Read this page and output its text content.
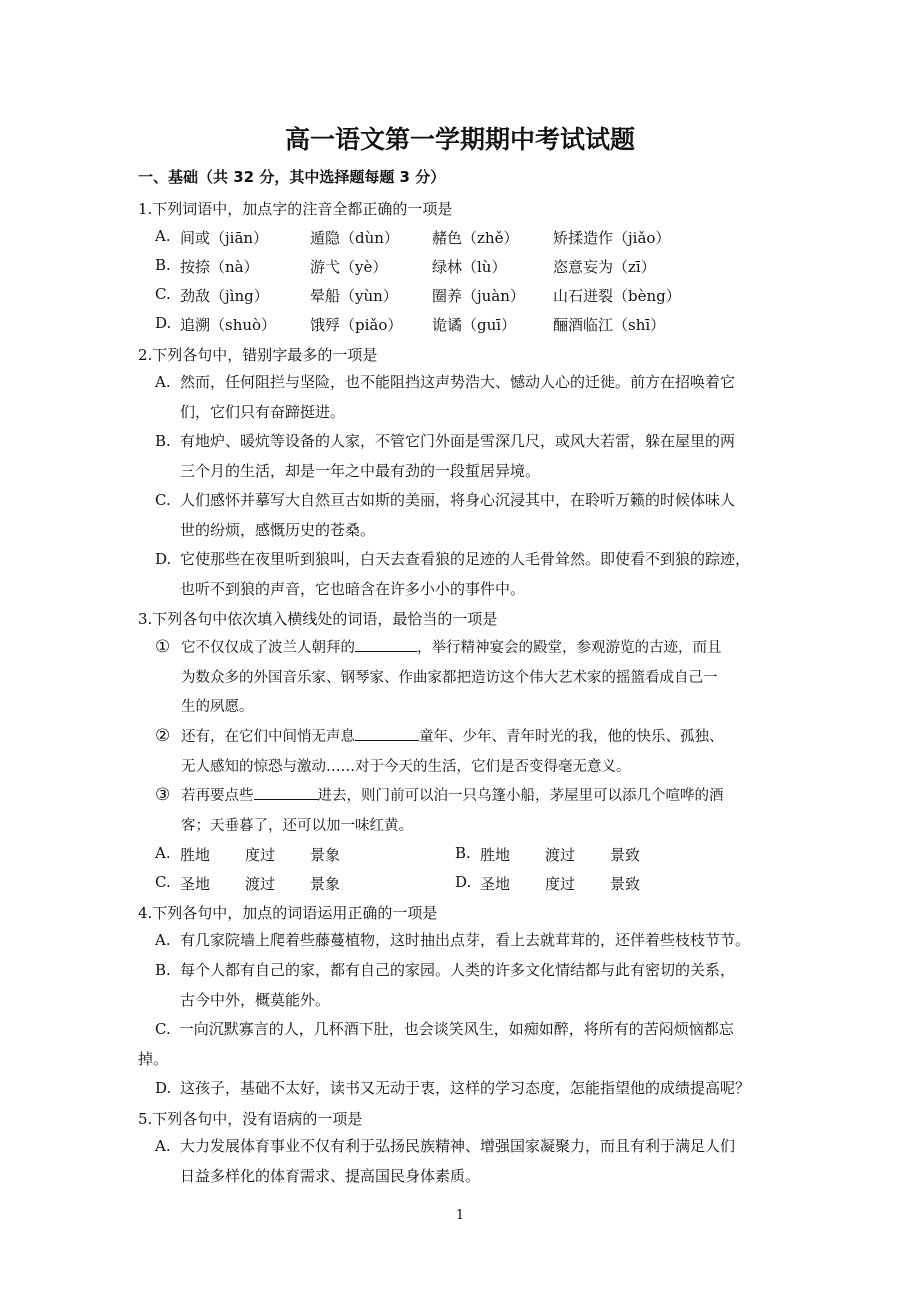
高一语文第一学期期中考试试题
一、基础（共 32 分，其中选择题每题 3 分）
1.下列词语中，加点字的注音全都正确的一项是
A. 间或（jiān）	遁隐（dùn） 赭色（zhě） 矫揉造作（jiǎo）
B. 按捺（nà）	游弋（yè）	绿林（lù）	恣意妄为（zī）
C. 劲敌（jìng）	晕船（yùn） 圈养（juàn） 山石迸裂（bèng）
D. 追溯（shuò） 饿殍（piǎo） 诡谲（guī） 酾酒临江（shī）
2.下列各句中，错别字最多的一项是
A. 然而，任何阻拦与坚险，也不能阻挡这声势浩大、憾动人心的迁徙。前方在招唤着它
们，它们只有奋蹄挺进。
B. 有地炉、暖炕等设备的人家，不管它门外面是雪深几尺，或风大若雷，躲在屋里的两
三个月的生活，却是一年之中最有劲的一段蜇居异境。
C. 人们感怀并摹写大自然亘古如斯的美丽，将身心沉浸其中，在聆听万籁的时候体味人
世的纷烦，感慨历史的苍桑。
D. 它使那些在夜里听到狼叫，白天去查看狼的足迹的人毛骨耸然。即使看不到狼的踪迹，
也听不到狼的声音，它也暗含在许多小小的事件中。
3.下列各句中依次填入横线处的词语，最恰当的一项是
① 它不仅仅成了波兰人朝拜的	，举行精神宴会的殿堂，参观游览的古迹，而且
为数众多的外国音乐家、钢琴家、作曲家都把造访这个伟大艺术家的摇篮看成自己一
生的夙愿。
② 还有，在它们中间悄无声息	童年、少年、青年时光的我，他的快乐、孤独、
无人感知的惊恐与激动……对于今天的生活，它们是否变得毫无意义。
③ 若再要点些	进去，则门前可以泊一只乌篷小船，茅屋里可以添几个喧哗的酒
客；天垂暮了，还可以加一味红黄。
A. 胜地 度过 景象	B. 胜地 渡过 景致
C. 圣地 渡过 景象	D. 圣地 度过 景致
4.下列各句中，加点的词语运用正确的一项是
A. 有几家院墙上爬着些藤蔓植物，这时抽出点芽，看上去就茸茸的，还伴着些枝枝节节。
B. 每个人都有自己的家，都有自己的家园。人类的许多文化情结都与此有密切的关系，
古今中外，概莫能外。
C. 一向沉默寡言的人，几杯酒下肚，也会谈笑风生，如痴如醉，将所有的苦闷烦恼都忘
掉。
D. 这孩子，基础不太好，读书又无动于衷，这样的学习态度，怎能指望他的成绩提高呢？
5.下列各句中，没有语病的一项是
A. 大力发展体育事业不仅有利于弘扬民族精神、增强国家凝聚力，而且有利于满足人们
日益多样化的体育需求、提高国民身体素质。
1
